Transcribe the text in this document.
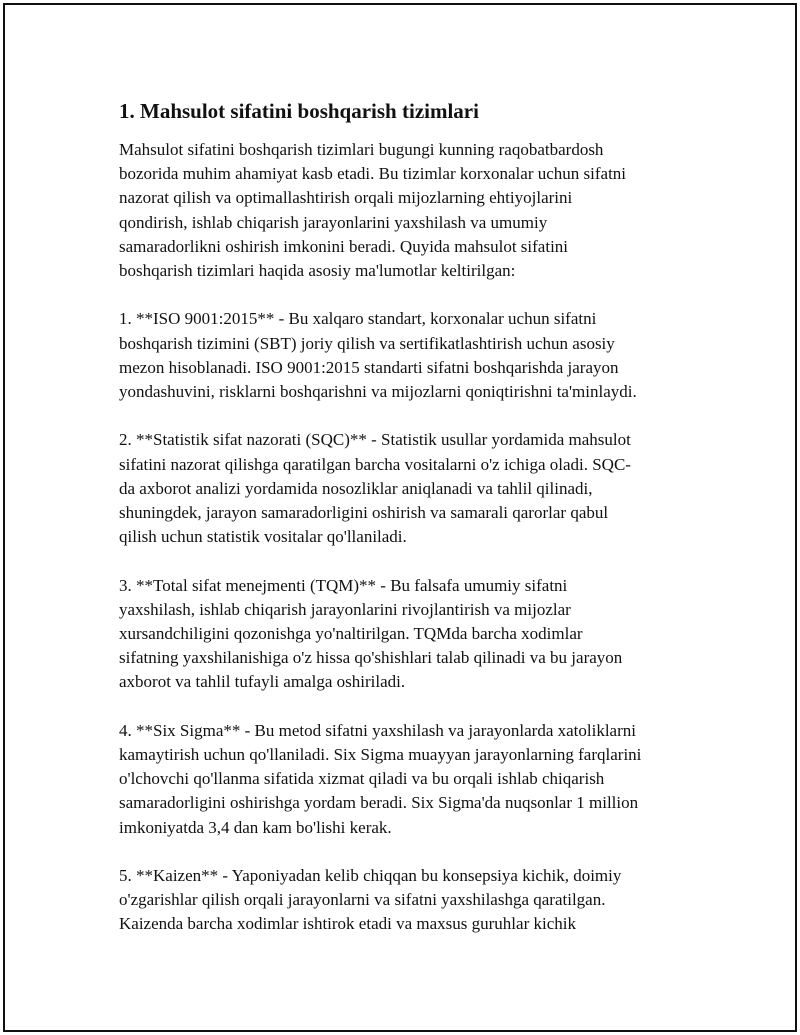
1. Mahsulot sifatini boshqarish tizimlari

Mahsulot sifatini boshqarish tizimlari bugungi kunning raqobatbardosh
bozorida muhim ahamiyat kasb etadi. Bu tizimlar korxonalar uchun sifatni
nazorat qilish va optimallashtirish orqali mijozlarning ehtiyojlarini
qondirish, ishlab chiqarish jarayonlarini yaxshilash va umumiy
samaradorlikni oshirish imkonini beradi. Quyida mahsulot sifatini
boshqarish tizimlari haqida asosiy ma'lumotlar keltirilgan:

1. **ISO 9001:2015** - Bu xalqaro standart, korxonalar uchun sifatni
boshqarish tizimini (SBT) joriy qilish va sertifikatlashtirish uchun asosiy
mezon hisoblanadi. ISO 9001:2015 standarti sifatni boshqarishda jarayon
yondashuvini, risklarni boshqarishni va mijozlarni qoniqtirishni ta'minlaydi.

2. **Statistik sifat nazorati (SQC)** - Statistik usullar yordamida mahsulot
sifatini nazorat qilishga qaratilgan barcha vositalarni o'z ichiga oladi. SQC-
da axborot analizi yordamida nosozliklar aniqlanadi va tahlil qilinadi,
shuningdek, jarayon samaradorligini oshirish va samarali qarorlar qabul
qilish uchun statistik vositalar qo'llaniladi.

3. **Total sifat menejmenti (TQM)** - Bu falsafa umumiy sifatni
yaxshilash, ishlab chiqarish jarayonlarini rivojlantirish va mijozlar
xursandchiligini qozonishga yo'naltirilgan. TQMda barcha xodimlar
sifatning yaxshilanishiga o'z hissa qo'shishlari talab qilinadi va bu jarayon
axborot va tahlil tufayli amalga oshiriladi.

4. **Six Sigma** - Bu metod sifatni yaxshilash va jarayonlarda xatoliklarni
kamaytirish uchun qo'llaniladi. Six Sigma muayyan jarayonlarning farqlarini
o'lchovchi qo'llanma sifatida xizmat qiladi va bu orqali ishlab chiqarish
samaradorligini oshirishga yordam beradi. Six Sigma'da nuqsonlar 1 million
imkoniyatda 3,4 dan kam bo'lishi kerak.

5. **Kaizen** - Yaponiyadan kelib chiqqan bu konsepsiya kichik, doimiy
o'zgarishlar qilish orqali jarayonlarni va sifatni yaxshilashga qaratilgan.
Kaizenda barcha xodimlar ishtirok etadi va maxsus guruhlar kichik
